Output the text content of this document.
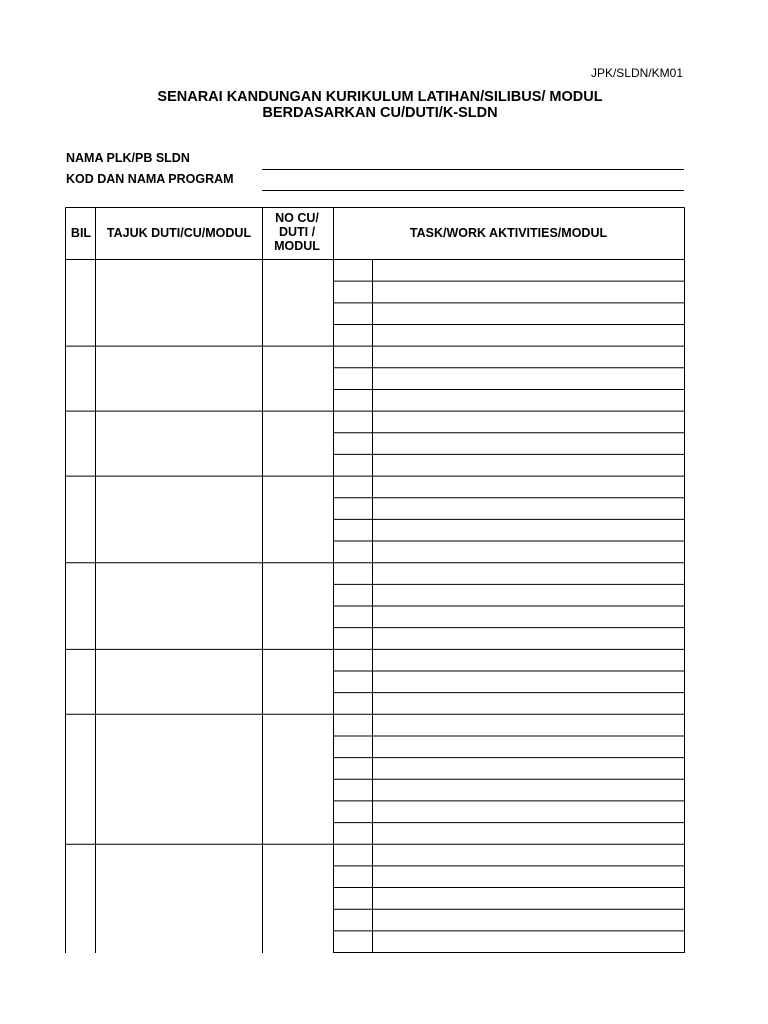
JPK/SLDN/KM01
SENARAI KANDUNGAN KURIKULUM LATIHAN/SILIBUS/ MODUL
BERDASARKAN CU/DUTI/K-SLDN
NAMA PLK/PB SLDN
KOD DAN NAMA PROGRAM
BIL	TAJUK DUTI/CU/MODUL
NO CU/ DUTI / MODUL
TASK/WORK AKTIVITIES/MODUL
